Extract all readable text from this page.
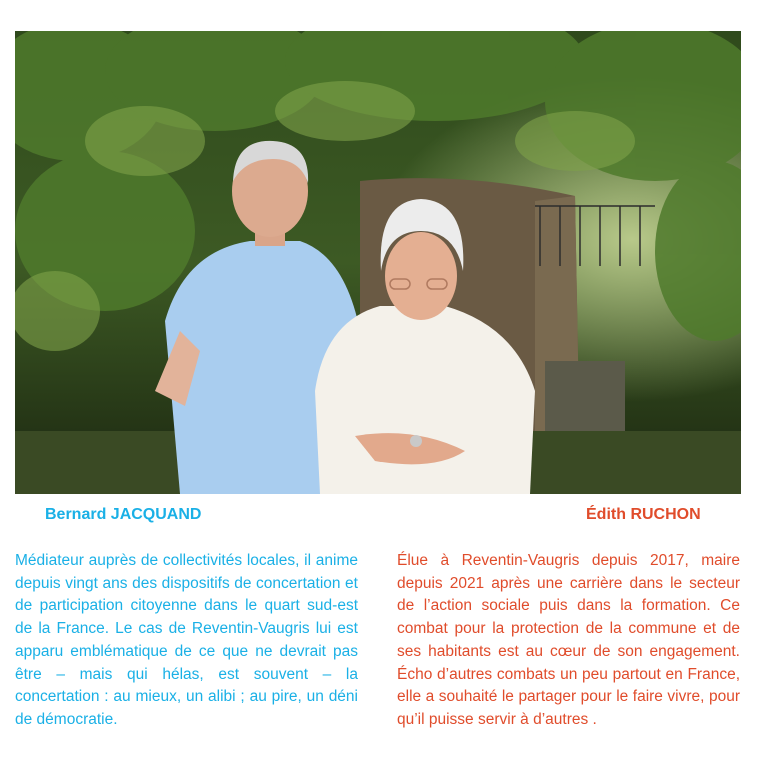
Bernard JACQUAND	Édith RUCHON

Médiateur auprès de collectivités locales, il anime depuis vingt ans des dispositifs de concertation et de participation citoyenne dans le quart sud-est de la France. Le cas de Reventin-Vaugris lui est apparu emblématique de ce que ne devrait pas être – mais qui hélas, est souvent – la concertation : au mieux, un alibi ; au pire, un déni de démocratie.

Élue à Reventin-Vaugris depuis 2017, maire depuis 2021 après une carrière dans le secteur de l’action sociale puis dans la formation. Ce combat pour la protection de la commune et de ses habitants est au cœur de son engagement. Écho d’autres combats un peu partout en France, elle a souhaité le partager pour le faire vivre, pour qu’il puisse servir à d’autres .
